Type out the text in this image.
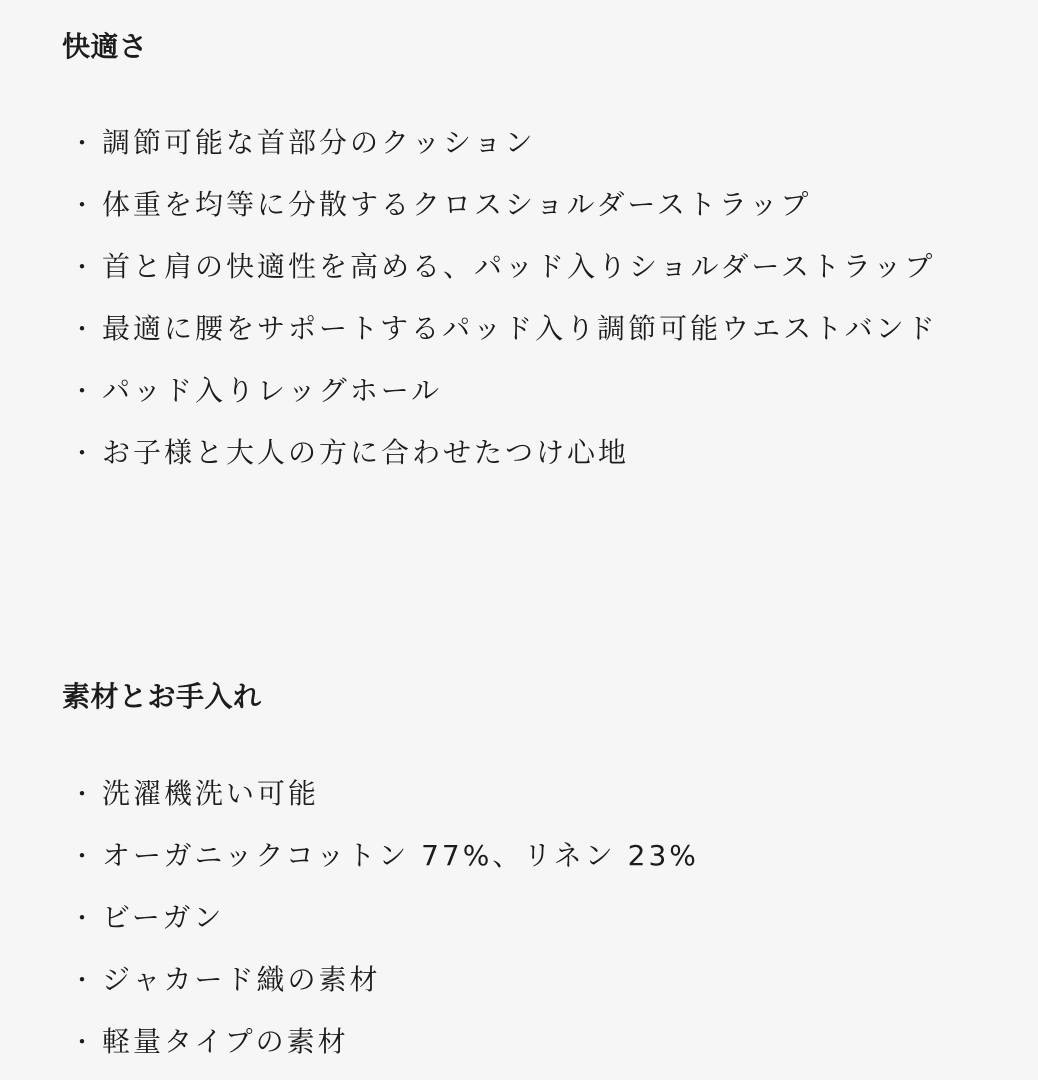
快適さ
・ 調節可能な首部分のクッション
・ 体重を均等に分散するクロスショルダーストラップ
・ 首と肩の快適性を高める、パッド入りショルダーストラップ
・ 最適に腰をサポートするパッド入り調節可能ウエストバンド
・ パッド入りレッグホール
・ お子様と大人の方に合わせたつけ心地
素材とお手入れ
・ 洗濯機洗い可能
・ オーガニックコットン 77%、リネン 23%
・ ビーガン
・ ジャカード織の素材
・ 軽量タイプの素材
